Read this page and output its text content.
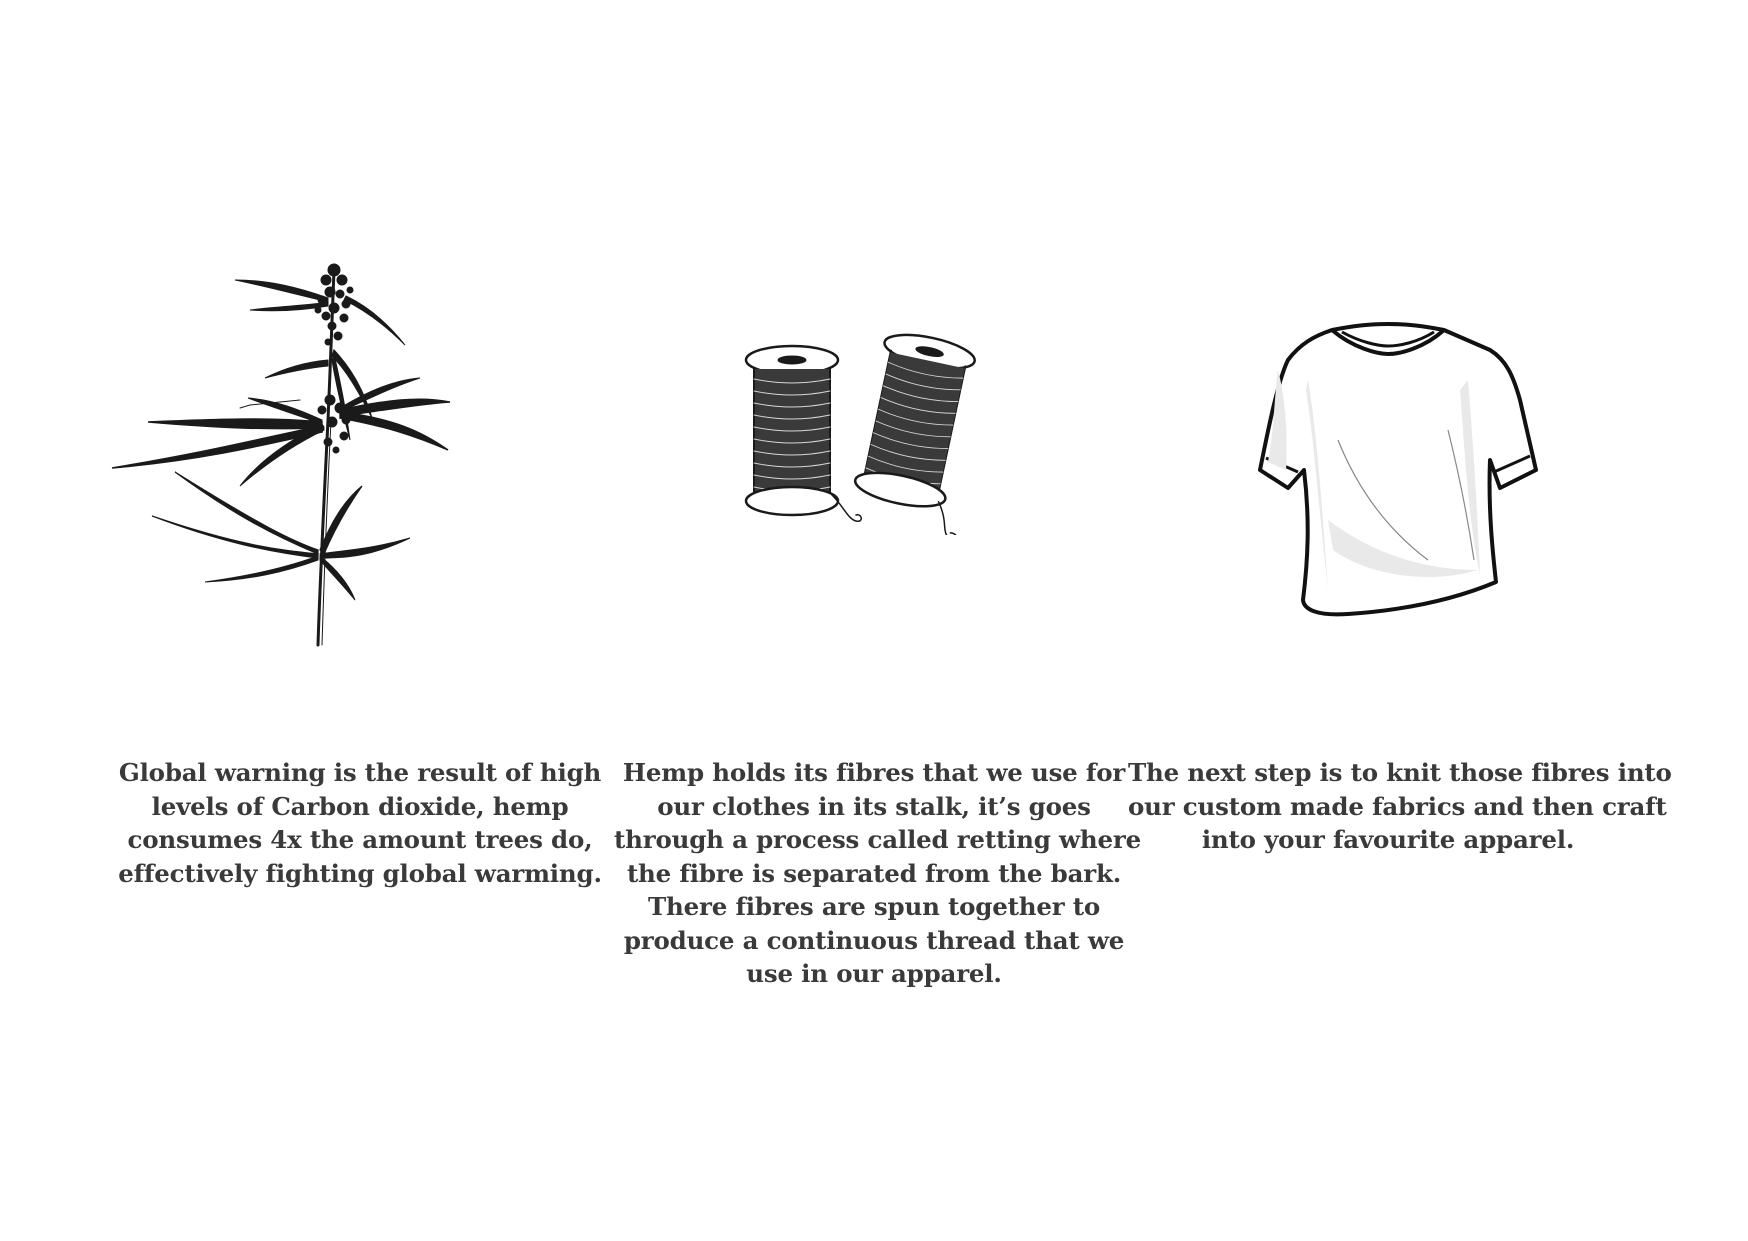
Global warning is the result of high
levels of Carbon dioxide, hemp
consumes 4x the amount trees do,
effectively fighting global warming.

Hemp holds its fibres that we use for
our clothes in its stalk, it’s goes
through a process called retting where
the fibre is separated from the bark.
There fibres are spun together to
produce a continuous thread that we
use in our apparel.

The next step is to knit those fibres into
our custom made fabrics and then craft
into your favourite apparel.
